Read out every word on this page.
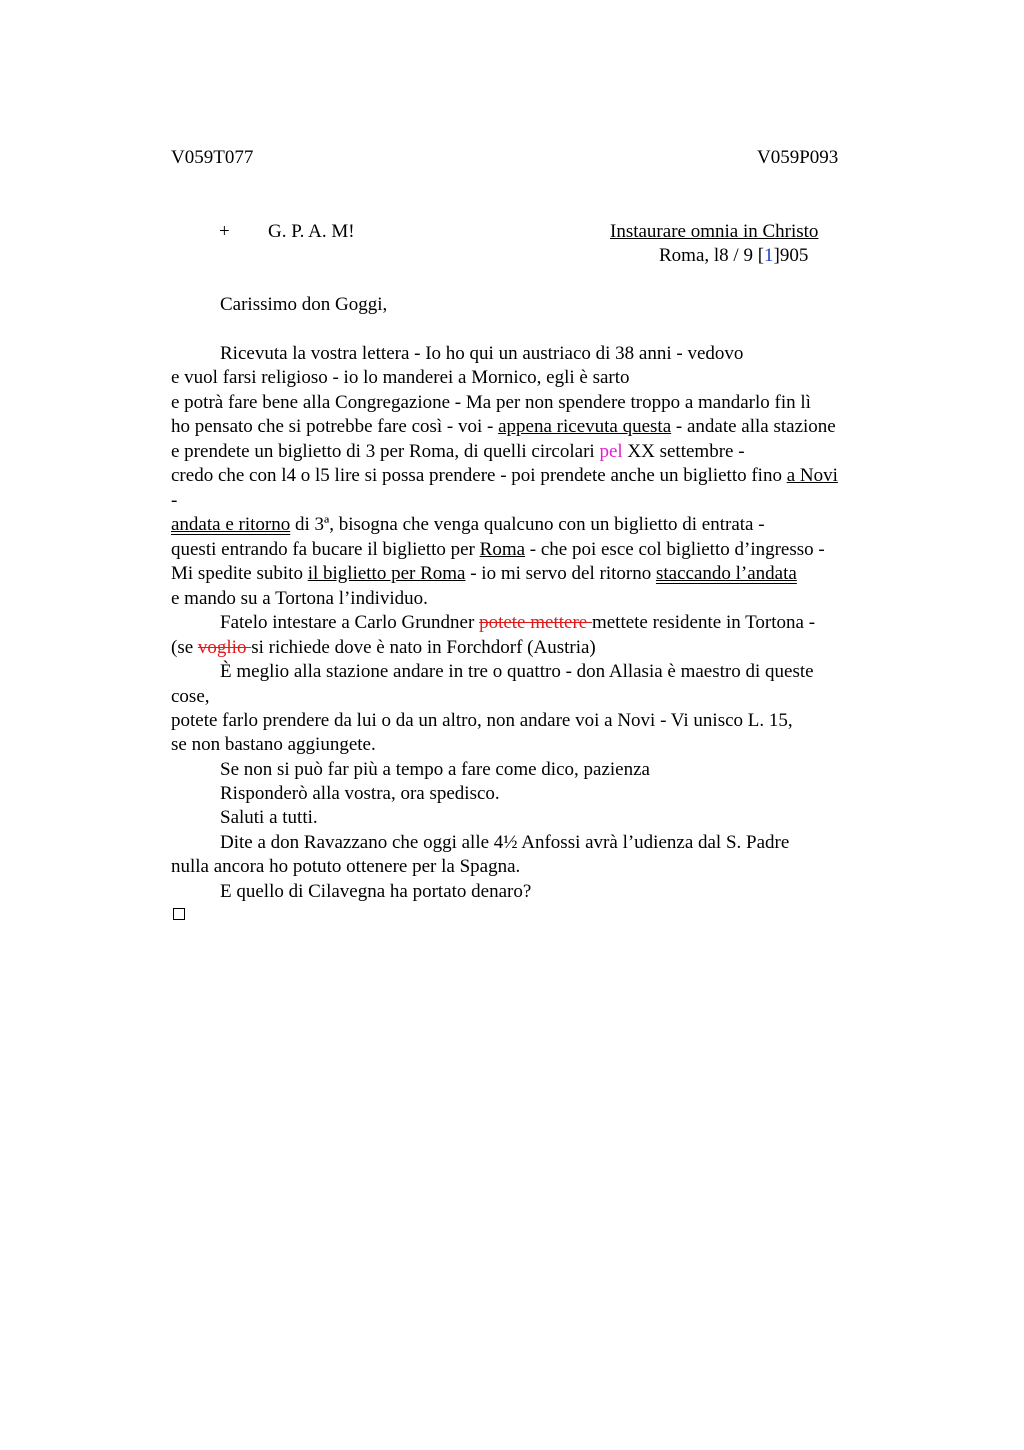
V059T077	V059P093
+ G. P. A. M!	Instaurare omnia in Christo
Roma, l8 / 9 [1]905
Carissimo don Goggi,
Ricevuta la vostra lettera - Io ho qui un austriaco di 38 anni - vedovo
e vuol farsi religioso - io lo manderei a Mornico, egli è sarto
e potrà fare bene alla Congregazione - Ma per non spendere troppo a mandarlo fin lì
ho pensato che si potrebbe fare così - voi - appena ricevuta questa - andate alla stazione
e prendete un biglietto di 3 per Roma, di quelli circolari pel XX settembre -
credo che con l4 o l5 lire si possa prendere - poi prendete anche un biglietto fino a Novi
-
andata e ritorno di 3ª, bisogna che venga qualcuno con un biglietto di entrata -
questi entrando fa bucare il biglietto per Roma - che poi esce col biglietto d’ingresso -
Mi spedite subito il biglietto per Roma - io mi servo del ritorno staccando l’andata
e mando su a Tortona l’individuo.
Fatelo intestare a Carlo Grundner potete mettere mettete residente in Tortona -
(se voglio si richiede dove è nato in Forchdorf (Austria)
È meglio alla stazione andare in tre o quattro - don Allasia è maestro di queste
cose,
potete farlo prendere da lui o da un altro, non andare voi a Novi - Vi unisco L. 15,
se non bastano aggiungete.
Se non si può far più a tempo a fare come dico, pazienza
Risponderò alla vostra, ora spedisco.
Saluti a tutti.
Dite a don Ravazzano che oggi alle 4½ Anfossi avrà l’udienza dal S. Padre
nulla ancora ho potuto ottenere per la Spagna.
E quello di Cilavegna ha portato denaro?
